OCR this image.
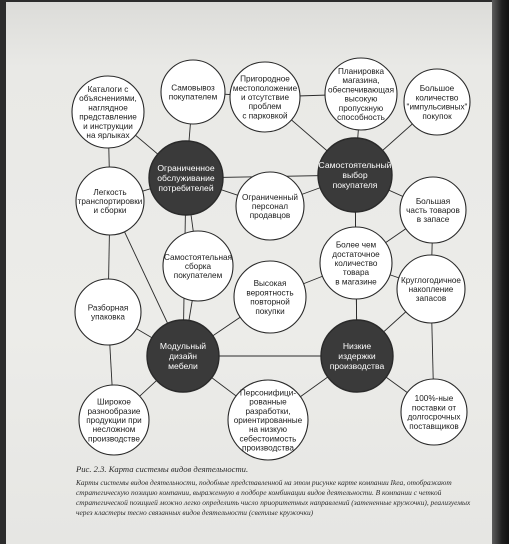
Каталоги с объяснениями, наглядное представление и инструкции на ярлыках
Самовывоз покупателем
Пригородное местоположение и отсутствие проблем с парковкой
Планировка магазина, обеспечивающая высокую пропускную способность
Большое количество "импульсивных" покупок
Ограниченное обслуживание потребителей
Самостоятельный выбор покупателя
Легкость транспортировки и сборки
Ограниченный персонал продавцов
Большая часть товаров в запасе
Самостоятельная сборка покупателем
Более чем достаточное количество товара в магазине	Круглогодичное накопление запасов
Разборная упаковка
Высокая вероятность повторной покупки
Модульный дизайн мебели
Низкие издержки производства
Широкое разнообразие продукции при несложном производстве
Персонифици-рованные разработки, ориентированные на низкую себестоимость производства
100%-ные поставки от долгосрочных поставщиков

Рис. 2.3. Карта системы видов деятельности.

Карты системы видов деятельности, подобные представленной на этом рисунке карте компании Ikea, отображают стратегическую позицию компании, выраженную в подборе комбинации видов деятельности. В компании с четкой стратегической позицией можно легко определить число приоритетных направлений (затененные кружочки), реализуемых через кластеры тесно связанных видов деятельности (светлые кружочки)
